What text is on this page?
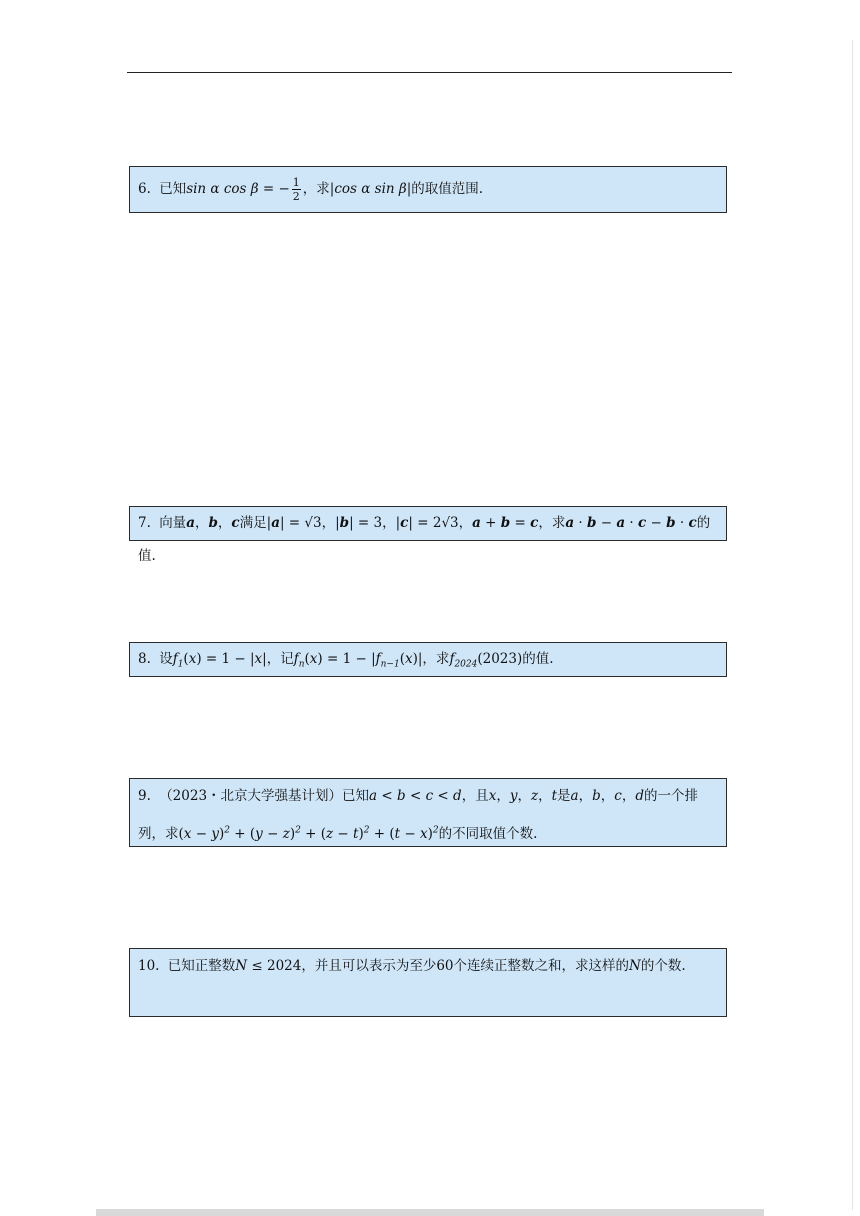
6. 已知sin α cos β = − $\frac{1}{2}$ ，求|cos α sin β|的取值范围.
7. 向量a，b，c满足|a| = √3，|b| = 3，|c| = 2√3，a + b = c，求a · b − a · c − b · c的值.
8. 设$f_1(x) = 1 - |x|$，记$f_n(x) = 1 - |f_{n-1}(x)|$，求$f_{2024}(2023)$的值.
9. （2023・北京大学强基计划）已知a < b < c < d，且x，y，z，t是a，b，c，d的一个排列，求$(x - y)^2 + (y - z)^2 + (z - t)^2 + (t - x)^2$的不同取值个数.
10. 已知正整数N ≤ 2024，并且可以表示为至少60个连续正整数之和，求这样的N的个数.
